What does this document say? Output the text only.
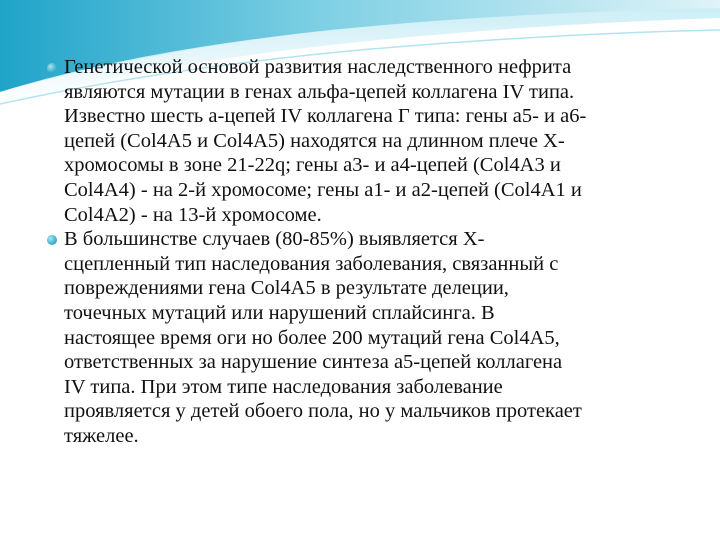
Генетической основой развития наследственного нефрита
являются мутации в генах альфа-цепей коллагена IV типа.
Известно шесть а-цепей IV коллагена Г типа: гены а5- и а6-
цепей (Col4A5 и Col4A5) находятся на длинном плече Х-
хромосомы в зоне 21-22q; гены а3- и а4-цепей (Col4A3 и
Col4A4) - на 2-й хромосоме; гены а1- и а2-цепей (Col4A1 и
Col4A2) - на 13-й хромосоме.
В большинстве случаев (80-85%) выявляется Х-
сцепленный тип наследования заболевания, связанный с
повреждениями гена Col4A5 в результате делеции,
точечных мутаций или нарушений сплайсинга. В
настоящее время оги но более 200 мутаций гена Col4A5,
ответственных за нарушение синтеза а5-цепей коллагена
IV типа. При этом типе наследования заболевание
проявляется у детей обоего пола, но у мальчиков протекает
тяжелее.
